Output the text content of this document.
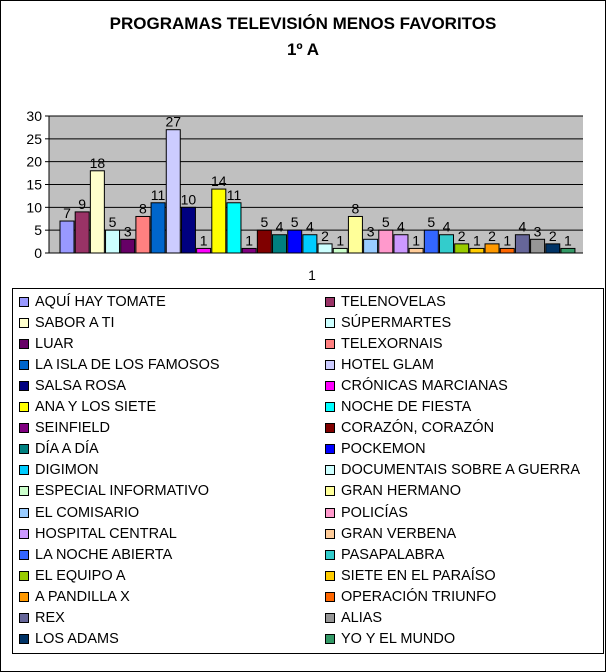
PROGRAMAS TELEVISIÓN MENOS FAVORITOS
1º A
0
5
10
15
20
25
30
7
9
18
5
3
8
11
27
10
1
14
11
1
5 4 5 4
2 1
8
3
5 4
1
5 4
2 1 2 1
4 3 2 1
1
AQUÍ HAY TOMATE	TELENOVELAS
SABOR A TI	SÚPERMARTES
LUAR	TELEXORNAIS
LA ISLA DE LOS FAMOSOS	HOTEL GLAM
SALSA ROSA	CRÓNICAS MARCIANAS
ANA Y LOS SIETE	NOCHE DE FIESTA
SEINFIELD	CORAZÓN, CORAZÓN
DÍA A DÍA	POCKEMON
DIGIMON	DOCUMENTAIS SOBRE A GUERRA
ESPECIAL INFORMATIVO	GRAN HERMANO
EL COMISARIO	POLICÍAS
HOSPITAL CENTRAL	GRAN VERBENA
LA NOCHE ABIERTA	PASAPALABRA
EL EQUIPO A	SIETE EN EL PARAÍSO
A PANDILLA X	OPERACIÓN TRIUNFO
REX	ALIAS
LOS ADAMS	YO Y EL MUNDO
